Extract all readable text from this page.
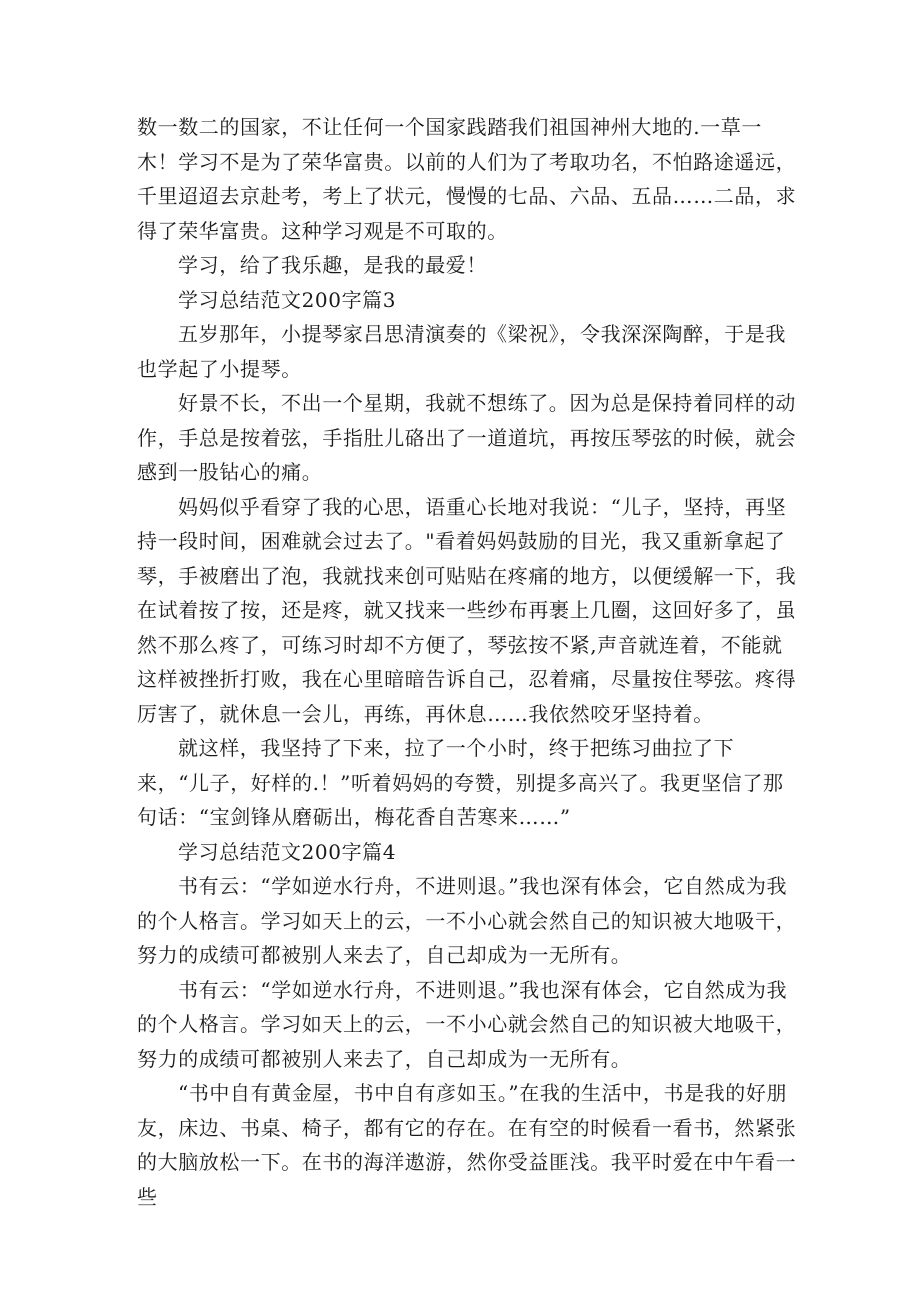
数一数二的国家，不让任何一个国家践踏我们祖国神州大地的.一草一木！学习不是为了荣华富贵。以前的人们为了考取功名，不怕路途遥远，千里迢迢去京赴考，考上了状元，慢慢的七品、六品、五品……二品，求得了荣华富贵。这种学习观是不可取的。

学习，给了我乐趣，是我的最爱！

学习总结范文200字篇3

五岁那年，小提琴家吕思清演奏的《梁祝》，令我深深陶醉，于是我也学起了小提琴。

好景不长，不出一个星期，我就不想练了。因为总是保持着同样的动作，手总是按着弦，手指肚儿硌出了一道道坑，再按压琴弦的时候，就会感到一股钻心的痛。

妈妈似乎看穿了我的心思，语重心长地对我说：“儿子，坚持，再坚持一段时间，困难就会过去了。"看着妈妈鼓励的目光，我又重新拿起了琴，手被磨出了泡，我就找来创可贴贴在疼痛的地方，以便缓解一下，我在试着按了按，还是疼，就又找来一些纱布再裹上几圈，这回好多了，虽然不那么疼了，可练习时却不方便了，琴弦按不紧,声音就连着，不能就这样被挫折打败，我在心里暗暗告诉自己，忍着痛，尽量按住琴弦。疼得厉害了，就休息一会儿，再练，再休息……我依然咬牙坚持着。

就这样，我坚持了下来，拉了一个小时，终于把练习曲拉了下来，“儿子，好样的.！”听着妈妈的夸赞，别提多高兴了。我更坚信了那句话：“宝剑锋从磨砺出，梅花香自苦寒来……”

学习总结范文200字篇4

书有云：“学如逆水行舟，不进则退。”我也深有体会，它自然成为我的个人格言。学习如天上的云，一不小心就会然自己的知识被大地吸干，努力的成绩可都被别人来去了，自己却成为一无所有。

书有云：“学如逆水行舟，不进则退。”我也深有体会，它自然成为我的个人格言。学习如天上的云，一不小心就会然自己的知识被大地吸干，努力的成绩可都被别人来去了，自己却成为一无所有。

“书中自有黄金屋，书中自有彦如玉。”在我的生活中，书是我的好朋友，床边、书桌、椅子，都有它的存在。在有空的时候看一看书，然紧张的大脑放松一下。在书的海洋遨游，然你受益匪浅。我平时爱在中午看一些
